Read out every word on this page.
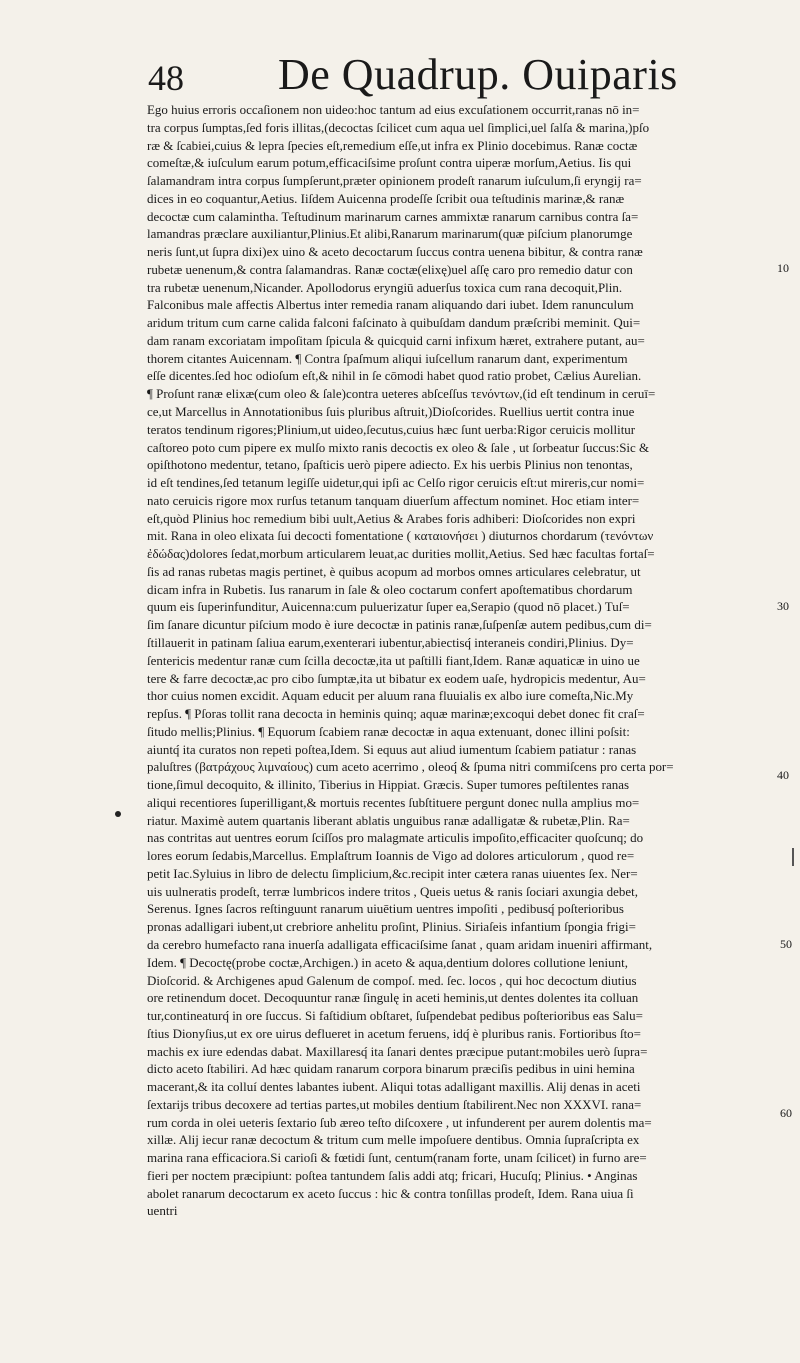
48 De Quadrup. Ouiparis
10
30
40
50
60
Ego huius erroris occaſionem non uideo:hoc tantum ad eius excuſationem occurrit,ranas nō in=
tra corpus ſumptas,ſed foris illitas,(decoctas ſcilicet cum aqua uel ſimplici,uel ſalſa & marina,)pſo
ræ & ſcabiei,cuius & lepra ſpecies eſt,remedium eſſe,ut infra ex Plinio docebimus. Ranæ coctæ
comeſtæ,& iuſculum earum potum,efficaciſsime proſunt contra uiperæ morſum,Aetius. Iis qui
ſalamandram intra corpus ſumpſerunt,præter opinionem prodeſt ranarum iuſculum,ſi eryngij ra=
dices in eo coquantur,Aetius. Iiſdem Auicenna prodeſſe ſcribit oua teſtudinis marinæ,& ranæ
decoctæ cum calamintha. Teſtudinum marinarum carnes ammixtæ ranarum carnibus contra ſa=
lamandras præclare auxiliantur,Plinius.Et alibi,Ranarum marinarum(quæ piſcium planorumge
neris ſunt,ut ſupra dixi)ex uino & aceto decoctarum ſuccus contra uenena bibitur, & contra ranæ
rubetæ uenenum,& contra ſalamandras. Ranæ coctæ(elixę)uel aſſę caro pro remedio datur con
tra rubetæ uenenum,Nicander. Apollodorus eryngiū aduerſus toxica cum rana decoquit,Plin.
Falconibus male affectis Albertus inter remedia ranam aliquando dari iubet. Idem ranunculum
aridum tritum cum carne calida falconi faſcinato à quibuſdam dandum præſcribi meminit. Qui=
dam ranam excoriatam impoſitam ſpicula & quicquid carni infixum hæret, extrahere putant, au=
thorem citantes Auicennam. ¶ Contra ſpaſmum aliqui iuſcellum ranarum dant, experimentum
eſſe dicentes.ſed hoc odioſum eſt,& nihil in ſe cōmodi habet quod ratio probet, Cælius Aurelian.
¶ Proſunt ranæ elixæ(cum oleo & ſale)contra ueteres abſceſſus τενόντων,(id eſt tendinum in ceruī=
ce,ut Marcellus in Annotationibus ſuis pluribus aſtruit,)Dioſcorides. Ruellius uertit contra inue
teratos tendinum rigores;Plinium,ut uideo,ſecutus,cuius hæc ſunt uerba:Rigor ceruicis mollitur
caſtoreo poto cum pipere ex mulſo mixto ranis decoctis ex oleo & ſale , ut ſorbeatur ſuccus:Sic &
opiſthotono medentur, tetano, ſpaſticis uerò pipere adiecto. Ex his uerbis Plinius non tenontas,
id eſt tendines,ſed tetanum legiſſe uidetur,qui ipſi ac Celſo rigor ceruicis eſt:ut mireris,cur nomi=
nato ceruicis rigore mox rurſus tetanum tanquam diuerſum affectum nominet. Hoc etiam inter=
eſt,quòd Plinius hoc remedium bibi uult,Aetius & Arabes foris adhiberi: Dioſcorides non expri
mit. Rana in oleo elixata ſui decocti fomentatione ( καταιονήσει ) diuturnos chordarum (τενόντων
ἐδώδας)dolores ſedat,morbum articularem leuat,ac durities mollit,Aetius. Sed hæc facultas fortaſ=
ſis ad ranas rubetas magis pertinet, è quibus acopum ad morbos omnes articulares celebratur, ut
dicam infra in Rubetis. Ius ranarum in ſale & oleo coctarum confert apoſtematibus chordarum
quum eis ſuperinfunditur, Auicenna:cum puluerizatur ſuper ea,Serapio (quod nō placet.) Tuſ=
ſim ſanare dicuntur piſcium modo è iure decoctæ in patinis ranæ,ſuſpenſæ autem pedibus,cum di=
ſtillauerit in patinam ſaliua earum,exenterari iubentur,abiectisq́ interaneis condiri,Plinius. Dy=
ſentericis medentur ranæ cum ſcilla decoctæ,ita ut paſtilli fiant,Idem. Ranæ aquaticæ in uino ue
tere & farre decoctæ,ac pro cibo ſumptæ,ita ut bibatur ex eodem uaſe, hydropicis medentur, Au=
thor cuius nomen excidit. Aquam educit per aluum rana fluuialis ex albo iure comeſta,Nic.My
repſus. ¶ Pſoras tollit rana decocta in heminis quinq; aquæ marinæ;excoqui debet donec fit craſ=
ſitudo mellis;Plinius. ¶ Equorum ſcabiem ranæ decoctæ in aqua extenuant, donec illini poſsit:
aiuntq́ ita curatos non repeti poſtea,Idem. Si equus aut aliud iumentum ſcabiem patiatur : ranas
paluſtres (βατράχους λιμναίους) cum aceto acerrimo , oleoq́ & ſpuma nitri commiſcens pro certa por=
tione,ſimul decoquito, & illinito, Tiberius in Hippiat. Græcis. Super tumores peſtilentes ranas
aliqui recentiores ſuperilligant,& mortuis recentes ſubſtituere pergunt donec nulla amplius mo=
riatur. Maximè autem quartanis liberant ablatis unguibus ranæ adalligatæ & rubetæ,Plin. Ra=
nas contritas aut uentres eorum ſciſſos pro malagmate articulis impoſito,efficaciter quoſcunq; do
lores eorum ſedabis,Marcellus. Emplaſtrum Ioannis de Vigo ad dolores articulorum , quod re=
petit Iac.Syluius in libro de delectu ſimplicium,&c.recipit inter cætera ranas uiuentes ſex. Ner=
uis uulneratis prodeſt, terræ lumbricos indere tritos , Queis uetus & ranis ſociari axungia debet,
Serenus. Ignes ſacros reſtinguunt ranarum uiuētium uentres impoſiti , pedibusq́ poſterioribus
pronas adalligari iubent,ut crebriore anhelitu proſint, Plinius. Siriaſeis infantium ſpongia frigi=
da cerebro humefacto rana inuerſa adalligata efficaciſsime ſanat , quam aridam inueniri affirmant,
Idem. ¶ Decoctę(probe coctæ,Archigen.) in aceto & aqua,dentium dolores collutione leniunt,
Dioſcorid. & Archigenes apud Galenum de compoſ. med. ſec. locos , qui hoc decoctum diutius
ore retinendum docet. Decoquuntur ranæ ſingulę in aceti heminis,ut dentes dolentes ita colluan
tur,contineaturq́ in ore ſuccus. Si faſtidium obſtaret, ſuſpendebat pedibus poſterioribus eas Salu=
ſtius Dionyſius,ut ex ore uirus deflueret in acetum feruens, idq́ è pluribus ranis. Fortioribus ſto=
machis ex iure edendas dabat. Maxillaresq́ ita ſanari dentes præcipue putant:mobiles uerò ſupra=
dicto aceto ſtabiliri. Ad hæc quidam ranarum corpora binarum præciſis pedibus in uini hemina
macerant,& ita colluí dentes labantes iubent. Aliqui totas adalligant maxillis. Alij denas in aceti
ſextarijs tribus decoxere ad tertias partes,ut mobiles dentium ſtabilirent.Nec non XXXVI. rana=
rum corda in olei ueteris ſextario ſub æreo teſto diſcoxere , ut infunderent per aurem dolentis ma=
xillæ. Alij iecur ranæ decoctum & tritum cum melle impoſuere dentibus. Omnia ſupraſcripta ex
marina rana efficaciora.Si carioſi & fœtidi ſunt, centum(ranam forte, unam ſcilicet) in furno are=
fieri per noctem præcipiunt: poſtea tantundem ſalis addi atq; fricari, Hucuſq; Plinius. • Anginas
abolet ranarum decoctarum ex aceto ſuccus : hic & contra tonſillas prodeſt, Idem. Rana uiua ſi
uentri
